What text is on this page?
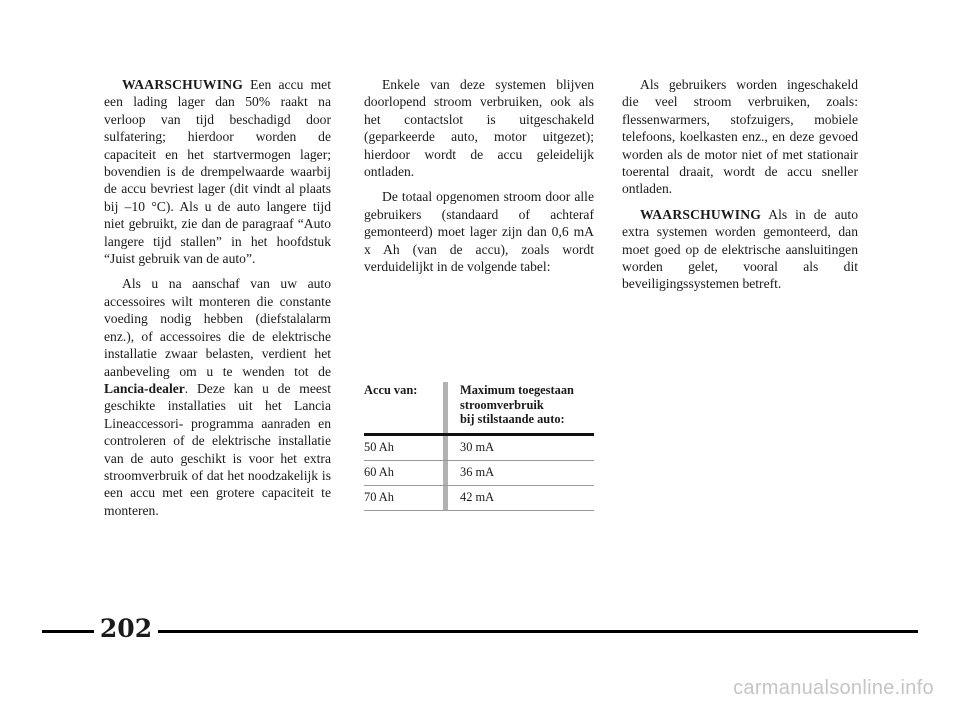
WAARSCHUWING Een accu met een lading lager dan 50% raakt na verloop van tijd beschadigd door sulfatering; hierdoor worden de capaciteit en het startvermogen lager; bovendien is de drempelwaarde waarbij de accu bevriest lager (dit vindt al plaats bij –10 °C). Als u de auto langere tijd niet gebruikt, zie dan de paragraaf “Auto langere tijd stallen” in het hoofdstuk “Juist gebruik van de auto”.

Als u na aanschaf van uw auto accessoires wilt monteren die constante voeding nodig hebben (diefstalalarm enz.), of accessoires die de elektrische installatie zwaar belasten, verdient het aanbeveling om u te wenden tot de Lancia-dealer. Deze kan u de meest geschikte installaties uit het Lancia Lineaccessori- programma aanraden en controleren of de elektrische installatie van de auto geschikt is voor het extra stroomverbruik of dat het noodzakelijk is een accu met een grotere capaciteit te monteren.

Enkele van deze systemen blijven doorlopend stroom verbruiken, ook als het contactslot is uitgeschakeld (geparkeerde auto, motor uitgezet); hierdoor wordt de accu geleidelijk ontladen.

De totaal opgenomen stroom door alle gebruikers (standaard of achteraf gemonteerd) moet lager zijn dan 0,6 mA x Ah (van de accu), zoals wordt verduidelijkt in de volgende tabel:

Accu van:	Maximum toegestaan
stroomverbruik
bij stilstaande auto:
50 Ah	30 mA
60 Ah	36 mA
70 Ah	42 mA

Als gebruikers worden ingeschakeld die veel stroom verbruiken, zoals: flessenwarmers, stofzuigers, mobiele telefoons, koelkasten enz., en deze gevoed worden als de motor niet of met stationair toerental draait, wordt de accu sneller ontladen.

WAARSCHUWING Als in de auto extra systemen worden gemonteerd, dan moet goed op de elektrische aansluitingen worden gelet, vooral als dit beveiligingssystemen betreft.

202
carmanualsonline.info
